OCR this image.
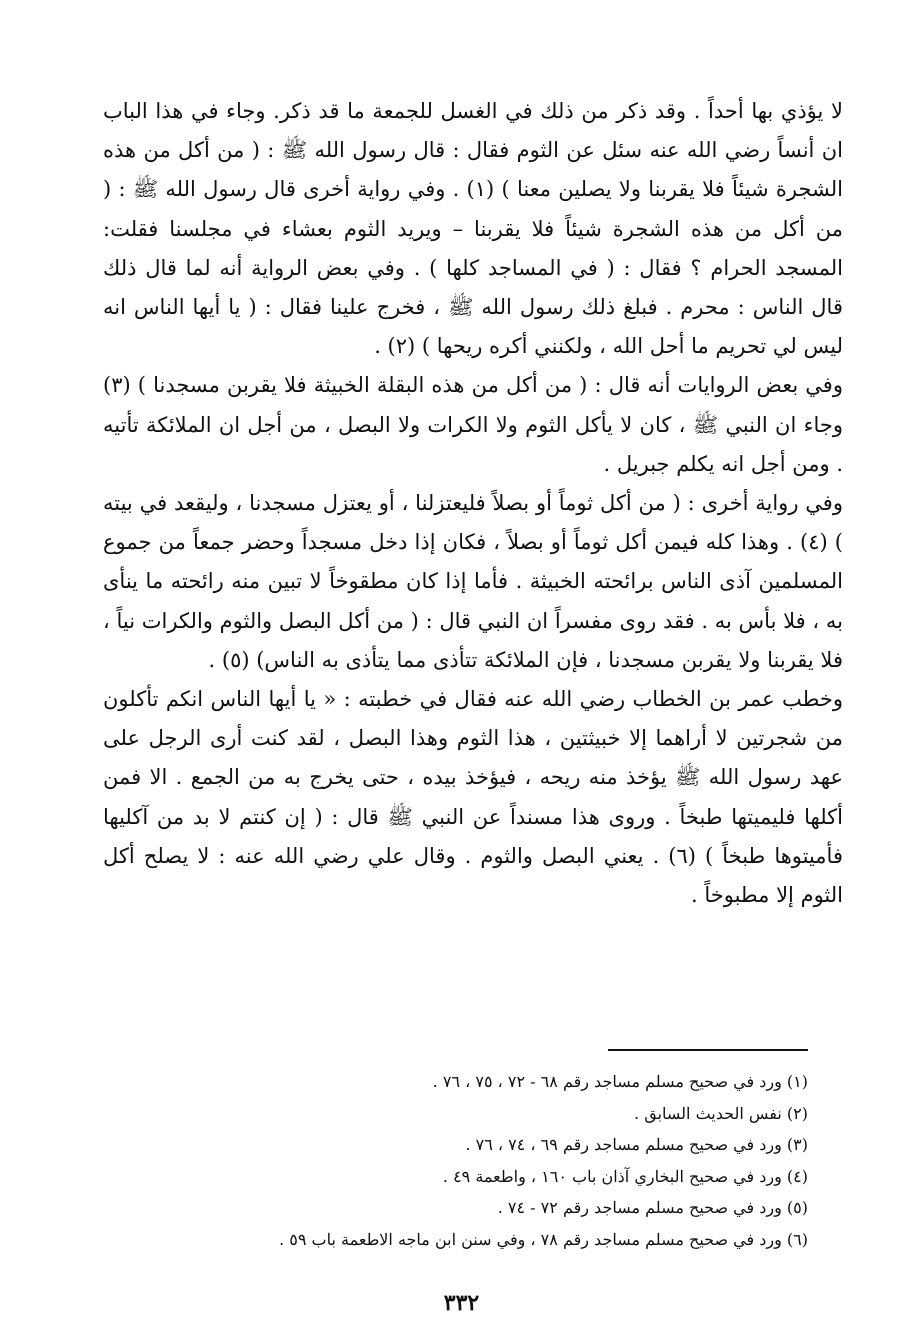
لا يؤذي بها أحداً . وقد ذكر من ذلك في الغسل للجمعة ما قد ذكر. وجاء في هذا الباب ان أنساً رضي الله عنه سئل عن الثوم فقال : قال رسول الله ﷺ : ( من أكل من هذه الشجرة شيئاً فلا يقربنا ولا يصلين معنا ) (١) . وفي رواية أخرى قال رسول الله ﷺ : ( من أكل من هذه الشجرة شيئاً فلا يقربنا – ويريد الثوم بعشاء في مجلسنا فقلت: المسجد الحرام ؟ فقال : ( في المساجد كلها ) . وفي بعض الرواية أنه لما قال ذلك قال الناس : محرم . فبلغ ذلك رسول الله ﷺ ، فخرج علينا فقال : ( يا أيها الناس انه ليس لي تحريم ما أحل الله ، ولكنني أكره ريحها ) (٢) .

وفي بعض الروايات أنه قال : ( من أكل من هذه البقلة الخبيثة فلا يقربن مسجدنا ) (٣) وجاء ان النبي ﷺ ، كان لا يأكل الثوم ولا الكرات ولا البصل ، من أجل ان الملائكة تأتيه . ومن أجل انه يكلم جبريل .

وفي رواية أخرى : ( من أكل ثوماً أو بصلاً فليعتزلنا ، أو يعتزل مسجدنا ، وليقعد في بيته ) (٤) . وهذا كله فيمن أكل ثوماً أو بصلاً ، فكان إذا دخل مسجداً وحضر جمعاً من جموع المسلمين آذى الناس برائحته الخبيثة . فأما إذا كان مطقوخاً لا تبين منه رائحته ما ينأى به ، فلا بأس به . فقد روى مفسراً ان النبي قال : ( من أكل البصل والثوم والكرات نياً ، فلا يقربنا ولا يقربن مسجدنا ، فإن الملائكة تتأذى مما يتأذى به الناس) (٥) .

وخطب عمر بن الخطاب رضي الله عنه فقال في خطبته : « يا أيها الناس انكم تأكلون من شجرتين لا أراهما إلا خبيثتين ، هذا الثوم وهذا البصل ، لقد كنت أرى الرجل على عهد رسول الله ﷺ يؤخذ منه ريحه ، فيؤخذ بيده ، حتى يخرج به من الجمع . الا فمن أكلها فليميتها طبخاً . وروى هذا مسنداً عن النبي ﷺ قال : ( إن كنتم لا بد من آكليها فأميتوها طبخاً ) (٦) . يعني البصل والثوم . وقال علي رضي الله عنه : لا يصلح أكل الثوم إلا مطبوخاً .

(١) ورد في صحيح مسلم مساجد رقم ٦٨ - ٧٢ ، ٧٥ ، ٧٦ .
(٢) نفس الحديث السابق .
(٣) ورد في صحيح مسلم مساجد رقم ٦٩ ، ٧٤ ، ٧٦ .
(٤) ورد في صحيح البخاري آذان باب ١٦٠ ، واطعمة ٤٩ .
(٥) ورد في صحيح مسلم مساجد رقم ٧٢ - ٧٤ .
(٦) ورد في صحيح مسلم مساجد رقم ٧٨ ، وفي سنن ابن ماجه الاطعمة باب ٥٩ .
٣٣٢
